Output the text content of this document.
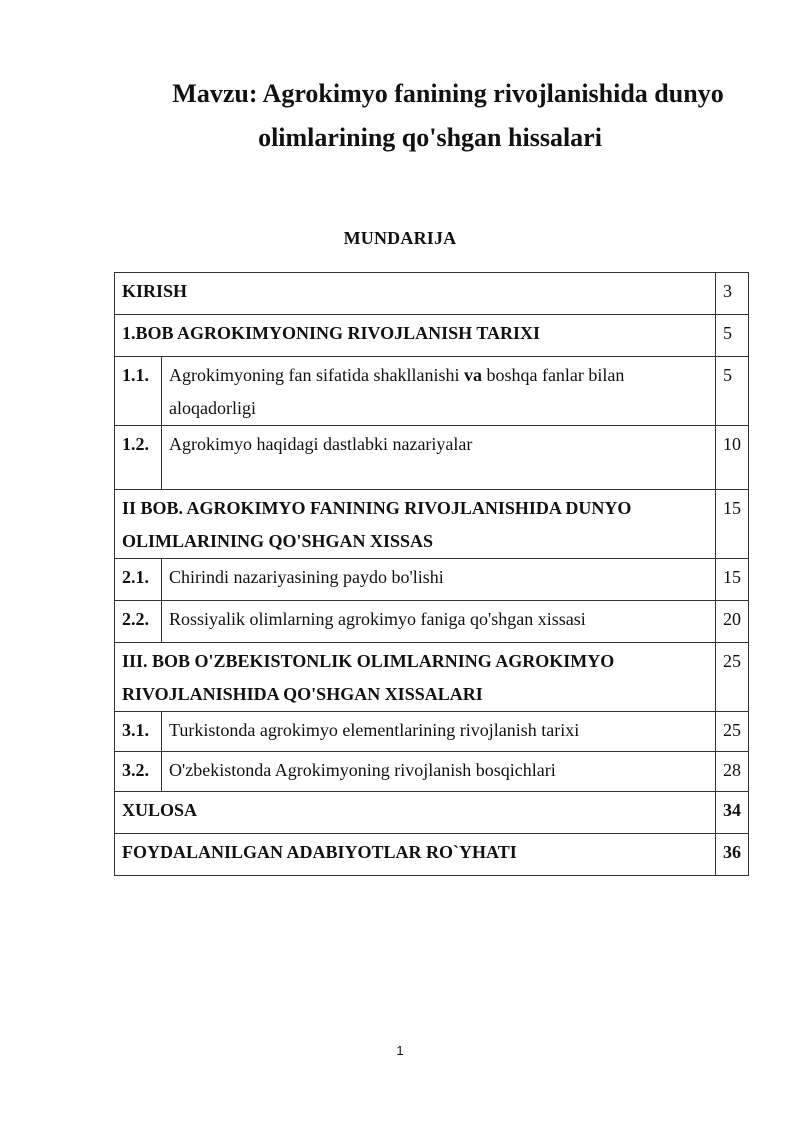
Mavzu: Agrokimyo fanining rivojlanishida dunyo
olimlarining qo'shgan hissalari
MUNDARIJA
KIRISH		3
1.BOB AGROKIMYONING RIVOJLANISH TARIXI		5
1.1.	Agrokimyoning fan sifatida shakllanishi va boshqa fanlar bilan aloqadorligi	5
1.2.	Agrokimyo haqidagi dastlabki nazariyalar	10
II BOB. AGROKIMYO FANINING RIVOJLANISHIDA DUNYO OLIMLARINING QO'SHGAN XISSAS		15
2.1.	Chirindi nazariyasining paydo bo'lishi	15
2.2.	Rossiyalik olimlarning agrokimyo faniga qo'shgan xissasi	20
III. BOB O'ZBEKISTONLIK OLIMLARNING AGROKIMYO RIVOJLANISHIDA QO'SHGAN XISSALARI		25
3.1.	Turkistonda agrokimyo elementlarining rivojlanish tarixi	25
3.2.	O'zbekistonda Agrokimyoning rivojlanish bosqichlari	28
XULOSA		34
FOYDALANILGAN ADABIYOTLAR RO`YHATI		36
1
